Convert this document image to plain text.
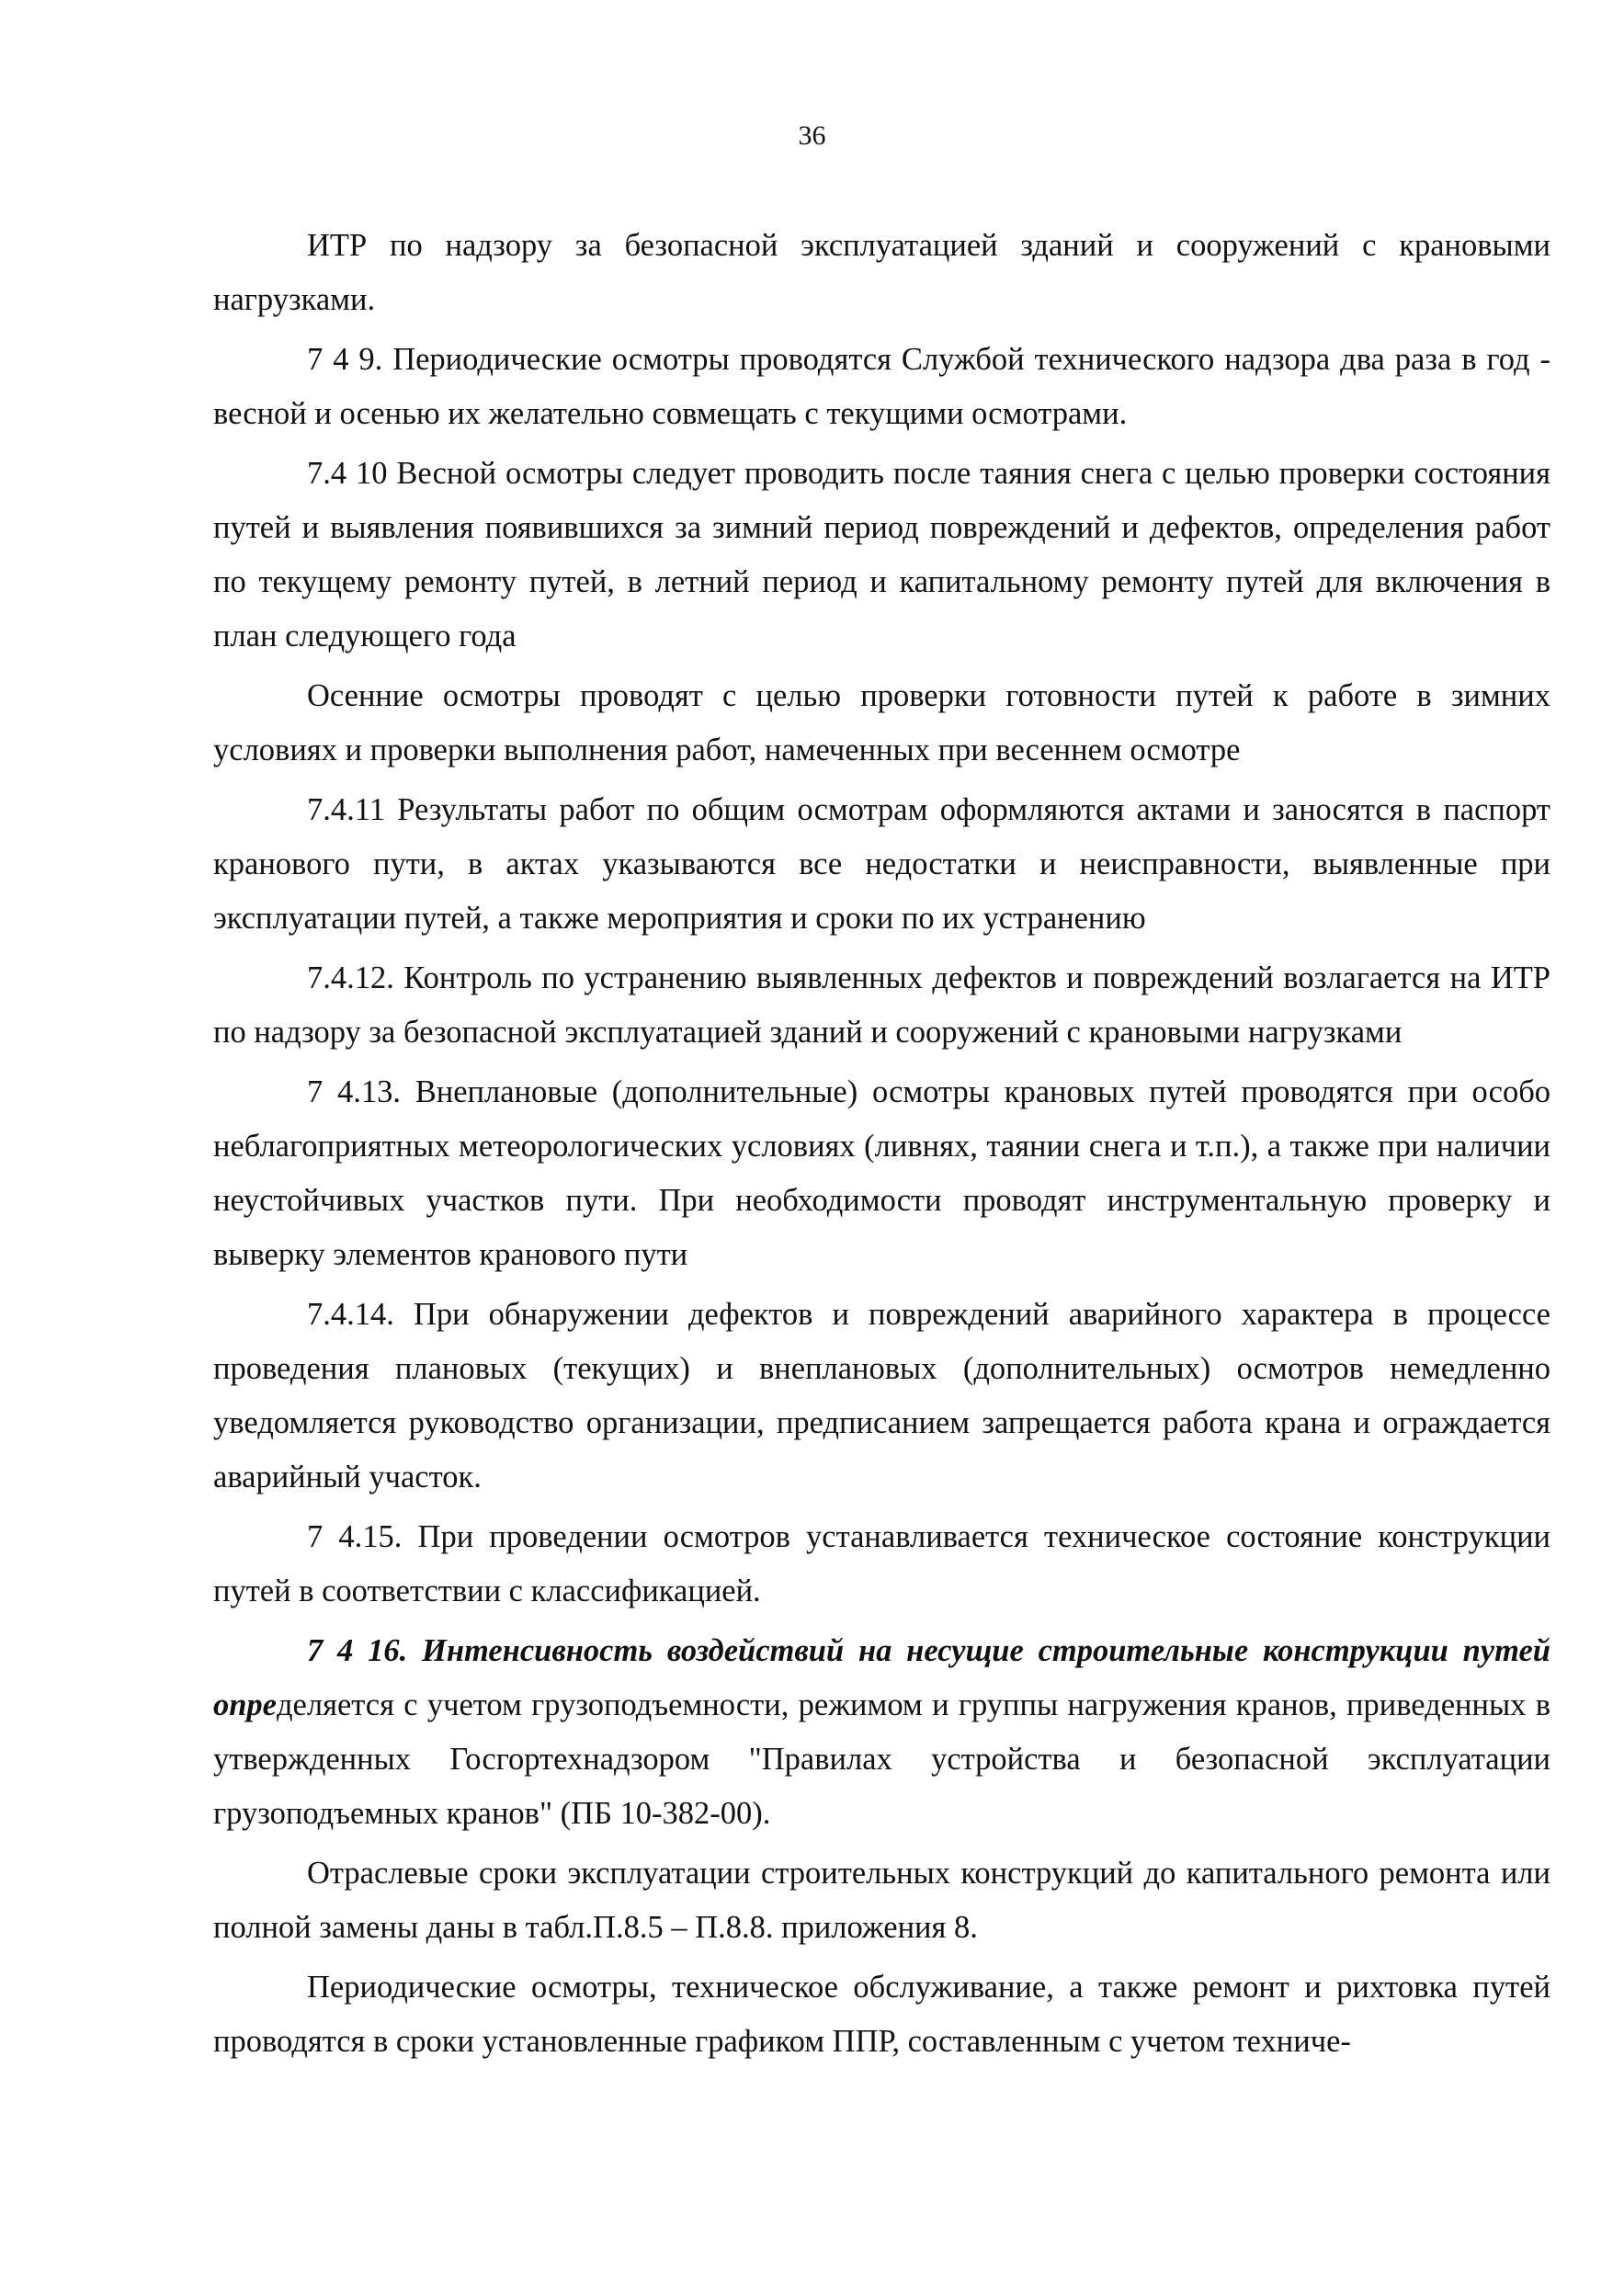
36

ИТР по надзору за безопасной эксплуатацией зданий и сооружений с крановыми нагрузками.

7 4 9. Периодические осмотры проводятся Службой технического надзора два раза в год - весной и осенью их желательно совмещать с текущими осмотрами.

7.4 10 Весной осмотры следует проводить после таяния снега с целью проверки состояния путей и выявления появившихся за зимний период повреждений и дефектов, определения работ по текущему ремонту путей, в летний период и капитальному ремонту путей для включения в план следующего года

Осенние осмотры проводят с целью проверки готовности путей к работе в зимних условиях и проверки выполнения работ, намеченных при весеннем осмотре

7.4.11 Результаты работ по общим осмотрам оформляются актами и заносятся в паспорт кранового пути, в актах указываются все недостатки и неисправности, выявленные при эксплуатации путей, а также мероприятия и сроки по их устранению

7.4.12. Контроль по устранению выявленных дефектов и повреждений возлагается на ИТР по надзору за безопасной эксплуатацией зданий и сооружений с крановыми нагрузками

7 4.13. Внеплановые (дополнительные) осмотры крановых путей проводятся при особо неблагоприятных метеорологических условиях (ливнях, таянии снега и т.п.), а также при наличии неустойчивых участков пути. При необходимости проводят инструментальную проверку и выверку элементов кранового пути

7.4.14. При обнаружении дефектов и повреждений аварийного характера в процессе проведения плановых (текущих) и внеплановых (дополнительных) осмотров немедленно уведомляется руководство организации, предписанием запрещается работа крана и ограждается аварийный участок.

7 4.15. При проведении осмотров устанавливается техническое состояние конструкции путей в соответствии с классификацией.

7 4 16. Интенсивность воздействий на несущие строительные конструкции путей определяется с учетом грузоподъемности, режимом и группы нагружения кранов, приведенных в утвержденных Госгортехнадзором "Правилах устройства и безопасной эксплуатации грузоподъемных кранов" (ПБ 10-382-00).

Отраслевые сроки эксплуатации строительных конструкций до капитального ремонта или полной замены даны в табл.П.8.5 – П.8.8. приложения 8.

Периодические осмотры, техническое обслуживание, а также ремонт и рихтовка путей проводятся в сроки установленные графиком ППР, составленным с учетом техниче-
